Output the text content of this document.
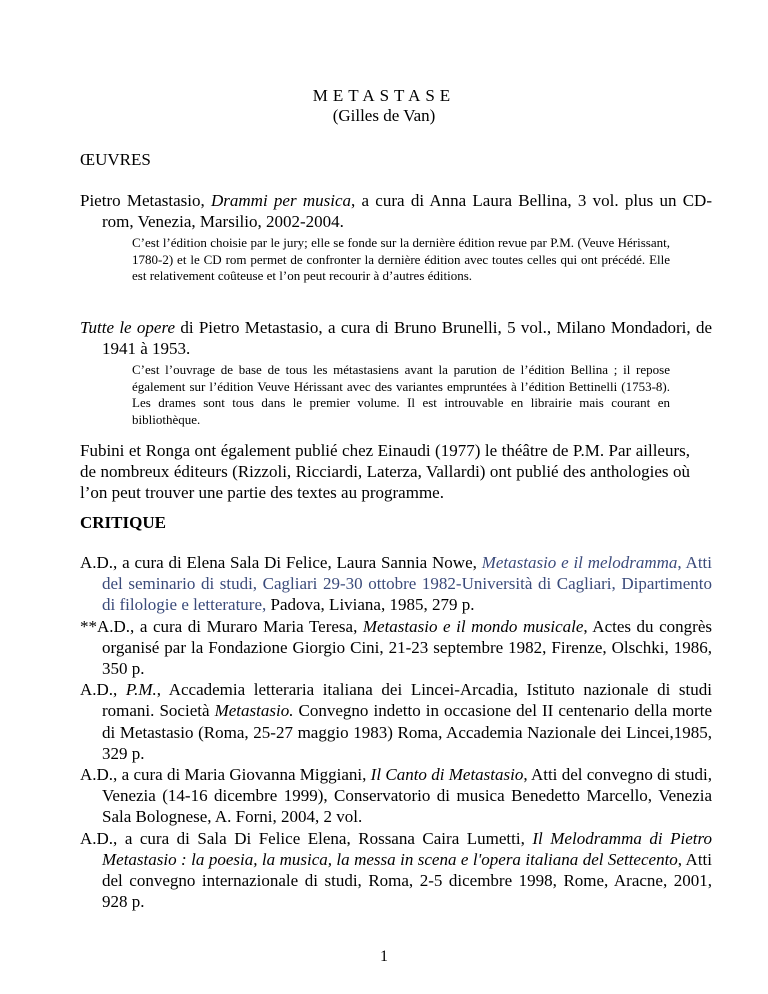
METASTASE
(Gilles de Van)
ŒUVRES
Pietro Metastasio, Drammi per musica, a cura di Anna Laura Bellina, 3 vol. plus un CD-rom, Venezia, Marsilio, 2002-2004.
C’est l’édition choisie par le jury; elle se fonde sur la dernière édition revue par P.M. (Veuve Hérissant, 1780-2) et le CD rom permet de confronter la dernière édition avec toutes celles qui ont précédé. Elle est relativement coûteuse et l’on peut recourir à d’autres éditions.
Tutte le opere di Pietro Metastasio, a cura di Bruno Brunelli, 5 vol., Milano Mondadori, de 1941 à 1953.
C’est l’ouvrage de base de tous les métastasiens avant la parution de l’édition Bellina ; il repose également sur l’édition Veuve Hérissant avec des variantes empruntées à l’édition Bettinelli (1753-8). Les drames sont tous dans le premier volume. Il est introuvable en librairie mais courant en bibliothèque.
Fubini et Ronga ont également publié chez Einaudi (1977) le théâtre de P.M. Par ailleurs, de nombreux éditeurs (Rizzoli, Ricciardi, Laterza, Vallardi) ont publié des anthologies où l’on peut trouver une partie des textes au programme.
CRITIQUE

A.D., a cura di Elena Sala Di Felice, Laura Sannia Nowe, Metastasio e il melodramma, Atti del seminario di studi, Cagliari 29-30 ottobre 1982-Università di Cagliari, Dipartimento di filologie e letterature, Padova, Liviana, 1985, 279 p.

**A.D., a cura di Muraro Maria Teresa, Metastasio e il mondo musicale, Actes du congrès organisé par la Fondazione Giorgio Cini, 21-23 septembre 1982, Firenze, Olschki, 1986, 350 p.

A.D., P.M., Accademia letteraria italiana dei Lincei-Arcadia, Istituto nazionale di studi romani. Società Metastasio. Convegno indetto in occasione del II centenario della morte di Metastasio (Roma, 25-27 maggio 1983) Roma, Accademia Nazionale dei Lincei,1985, 329 p.

A.D., a cura di Maria Giovanna Miggiani, Il Canto di Metastasio, Atti del convegno di studi, Venezia (14-16 dicembre 1999), Conservatorio di musica Benedetto Marcello, Venezia Sala Bolognese, A. Forni, 2004, 2 vol.

A.D., a cura di Sala Di Felice Elena, Rossana Caira Lumetti, Il Melodramma di Pietro Metastasio : la poesia, la musica, la messa in scena e l'opera italiana del Settecento, Atti del convegno internazionale di studi, Roma, 2-5 dicembre 1998, Rome, Aracne, 2001, 928 p.

1
